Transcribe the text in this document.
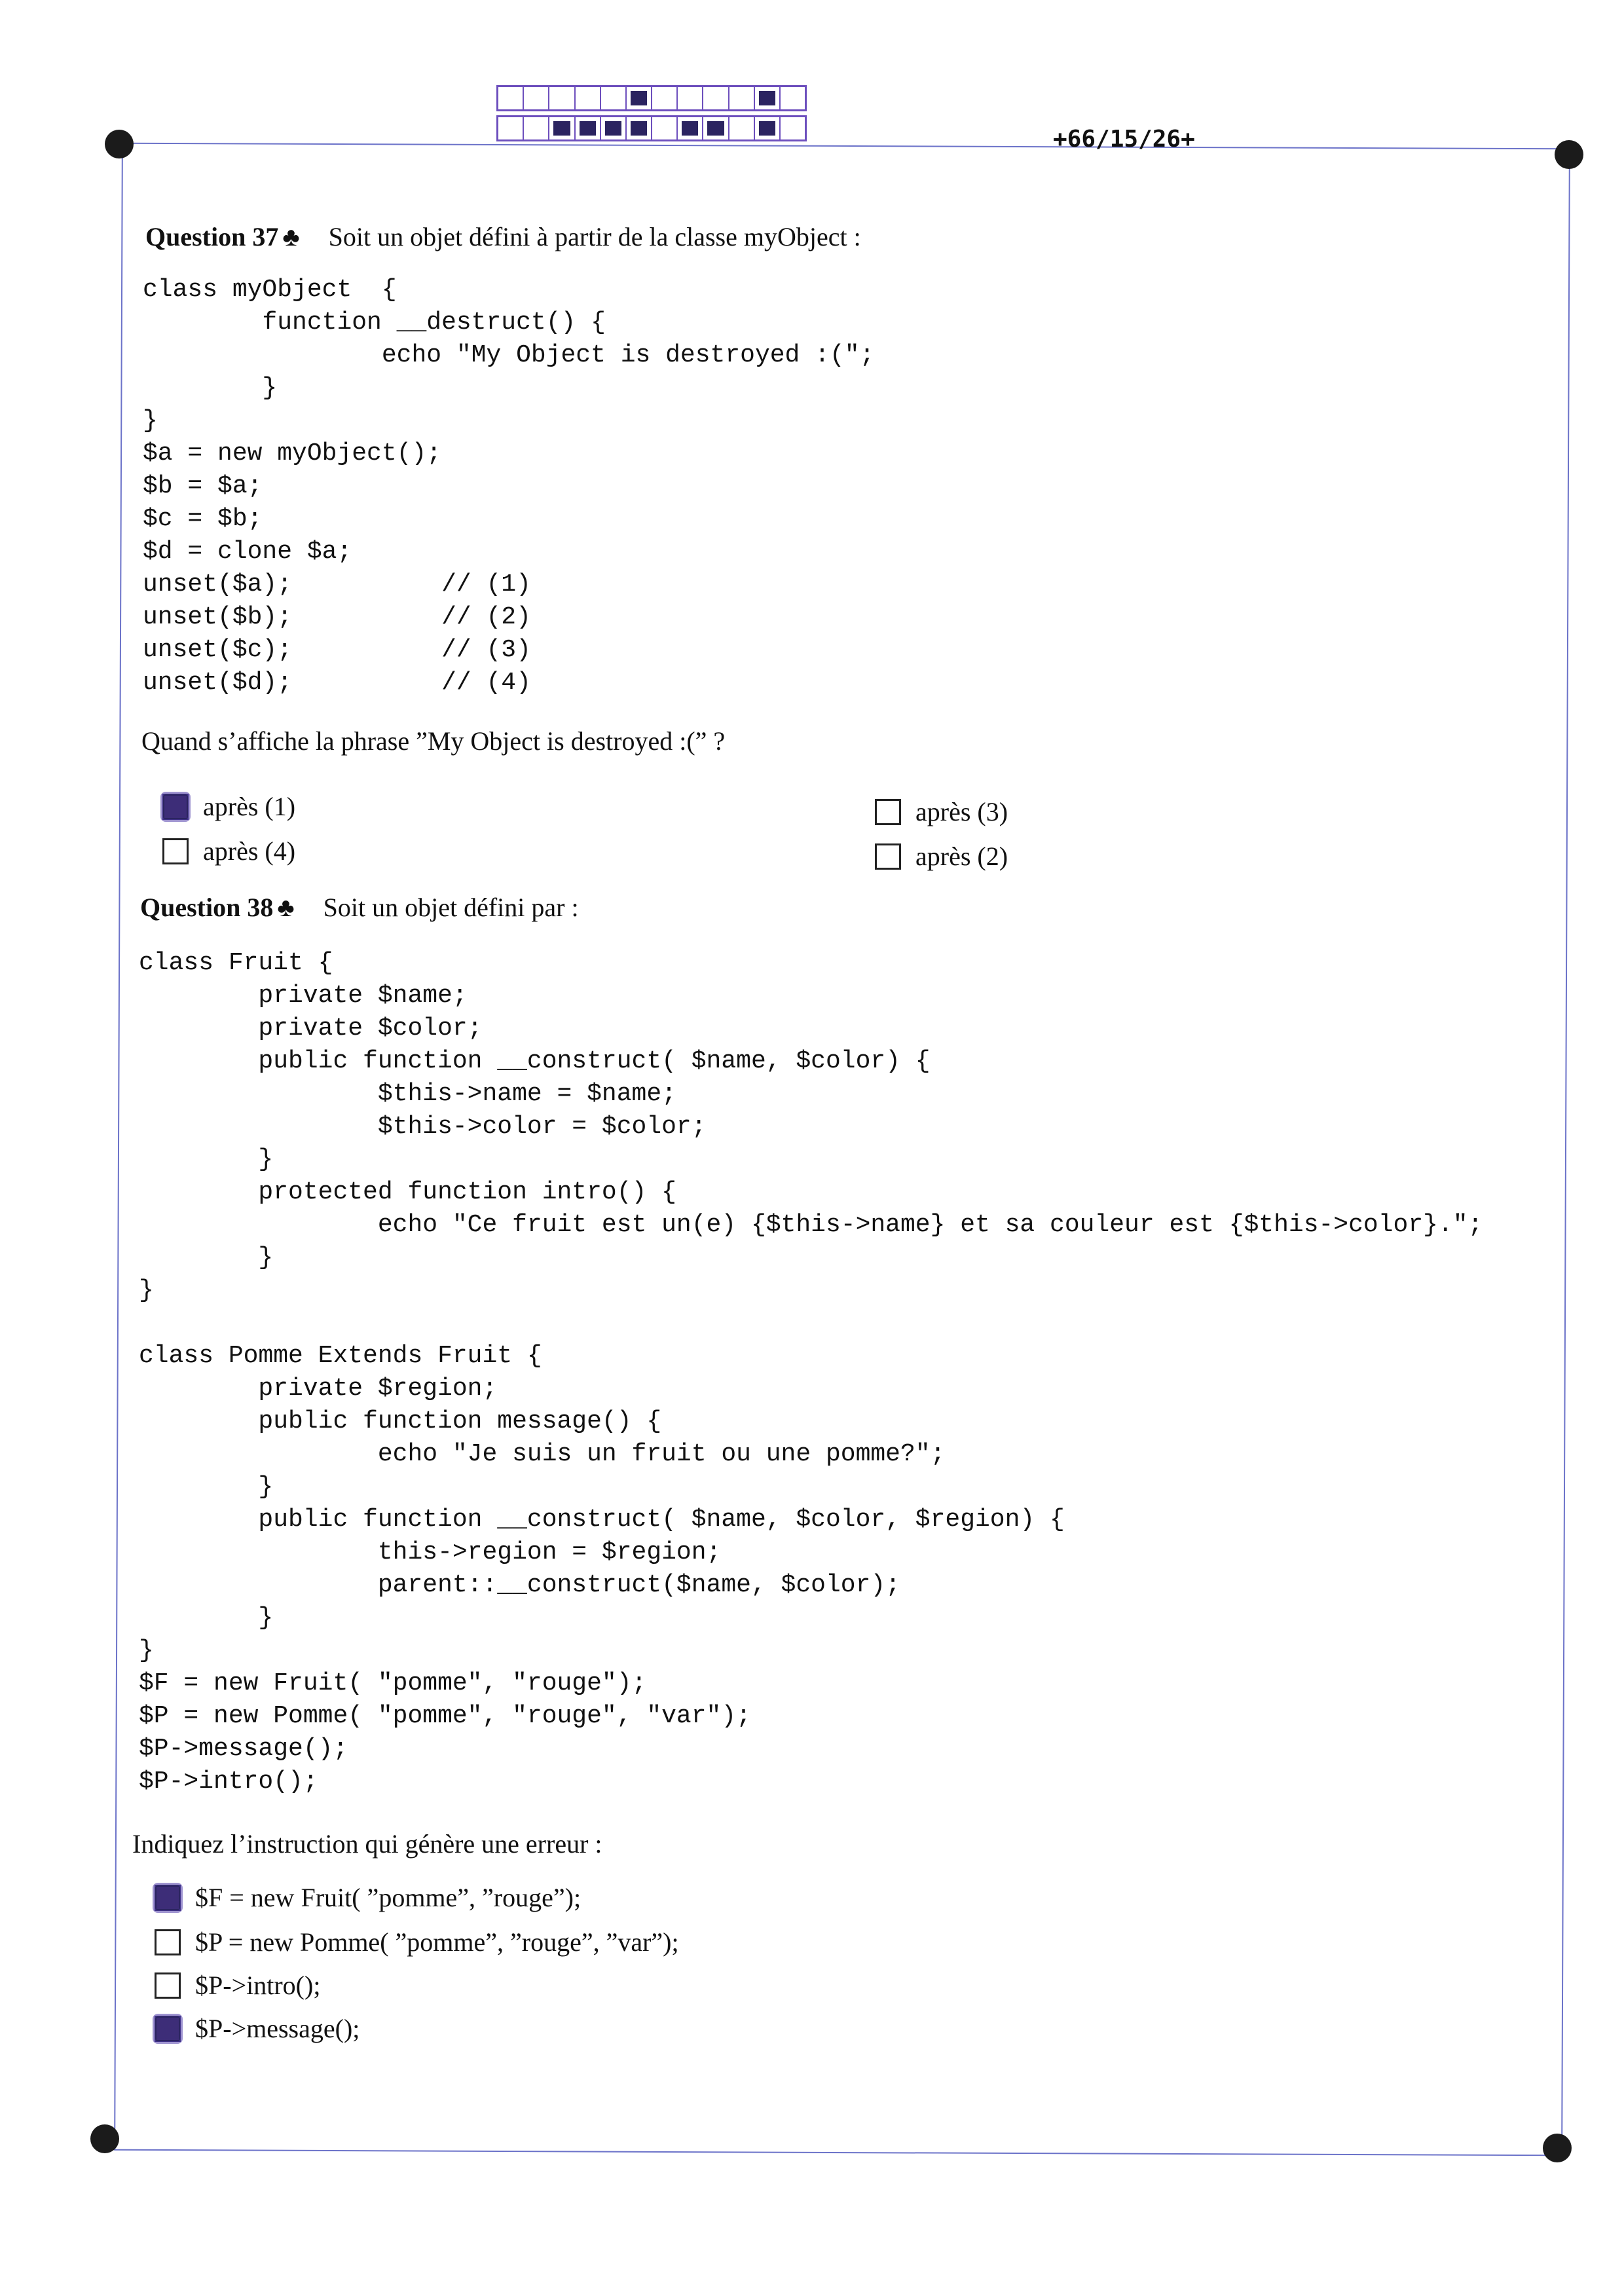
+66/15/26+
Question 37 ♣ Soit un objet défini à partir de la classe myObject :
class myObject  {
function __destruct() {
echo "My Object is destroyed :(";
}
}
$a = new myObject();
$b = $a;
$c = $b;
$d = clone $a;
unset($a);          // (1)
unset($b);          // (2)
unset($c);          // (3)
unset($d);          // (4)
Quand s’affiche la phrase ”My Object is destroyed :(” ?
après (1)
après (4)
après (3)
après (2)
Question 38 ♣ Soit un objet défini par :
class Fruit {
private $name;
private $color;
public function __construct( $name, $color) {
$this->name = $name;
$this->color = $color;
}
protected function intro() {
echo "Ce fruit est un(e) {$this->name} et sa couleur est {$this->color}.";
}
}

class Pomme Extends Fruit {
private $region;
public function message() {
echo "Je suis un fruit ou une pomme?";
}
public function __construct( $name, $color, $region) {
this->region = $region;
parent::__construct($name, $color);
}
}
$F = new Fruit( "pomme", "rouge");
$P = new Pomme( "pomme", "rouge", "var");
$P->message();
$P->intro();
Indiquez l’instruction qui génère une erreur :
$F = new Fruit( ”pomme”, ”rouge”);
$P = new Pomme( ”pomme”, ”rouge”, ”var”);
$P->intro();
$P->message();
